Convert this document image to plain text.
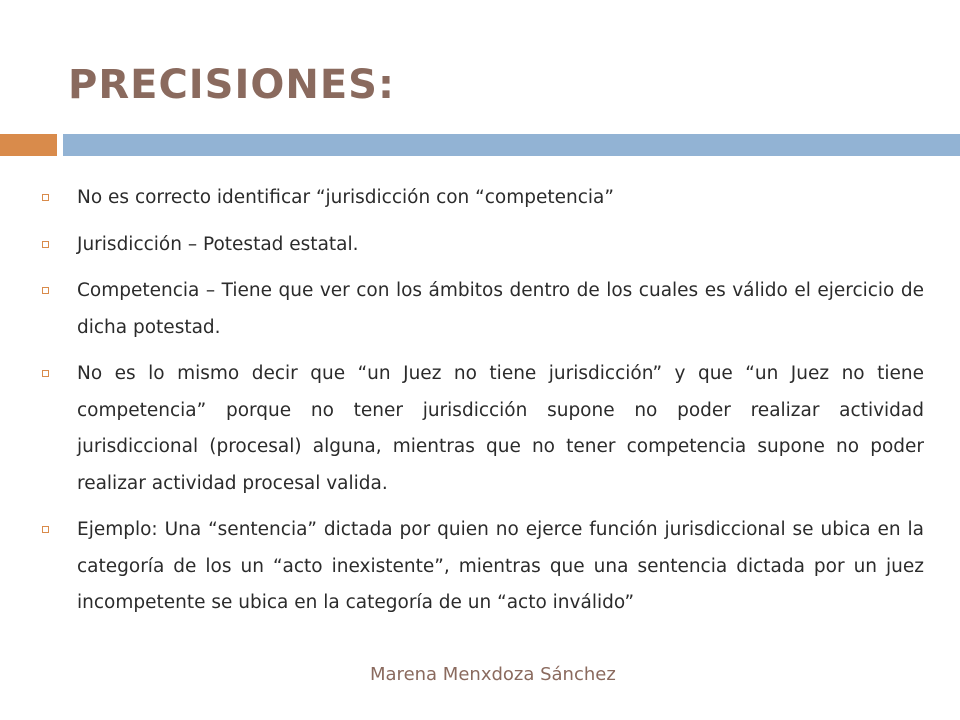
PRECISIONES:
No es correcto identificar “jurisdicción con “competencia”
Jurisdicción – Potestad estatal.
Competencia – Tiene que ver con los ámbitos dentro de los cuales es válido el ejercicio de dicha potestad.
No es lo mismo decir que “un Juez no tiene jurisdicción” y que “un Juez no tiene competencia” porque no tener jurisdicción supone no poder realizar actividad jurisdiccional (procesal) alguna, mientras que no tener competencia supone no poder realizar actividad procesal valida.
Ejemplo: Una “sentencia” dictada por quien no ejerce función jurisdiccional se ubica en la categoría de los un “acto inexistente”, mientras que una sentencia dictada por un juez incompetente se ubica en la categoría de un “acto inválido”
Marena Menxdoza Sánchez
